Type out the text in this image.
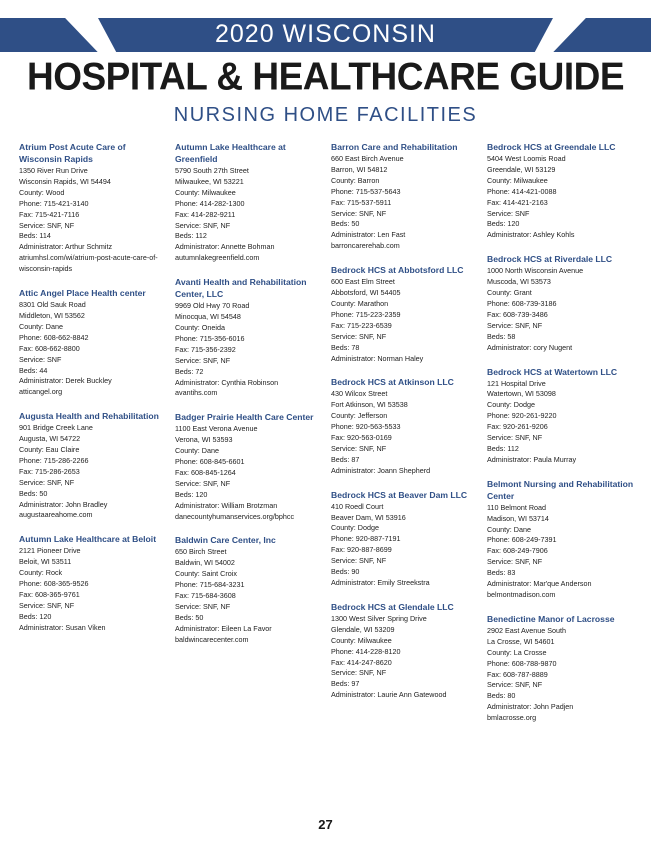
2020 WISCONSIN
HOSPITAL & HEALTHCARE GUIDE
NURSING HOME FACILITIES
Atrium Post Acute Care of Wisconsin Rapids
1350 River Run Drive
Wisconsin Rapids, WI 54494
County: Wood
Phone: 715-421-3140
Fax: 715-421-7116
Service: SNF, NF
Beds: 114
Administrator: Arthur Schmitz
atriumhsl.com/wi/atrium-post-acute-care-of-wisconsin-rapids
Attic Angel Place Health center
8301 Old Sauk Road
Middleton, WI 53562
County: Dane
Phone: 608-662-8842
Fax: 608-662-8800
Service: SNF
Beds: 44
Administrator: Derek Buckley
atticangel.org
Augusta Health and Rehabilitation
901 Bridge Creek Lane
Augusta, WI 54722
County: Eau Claire
Phone: 715-286-2266
Fax: 715-286-2653
Service: SNF, NF
Beds: 50
Administrator: John Bradley
augustaareahome.com
Autumn Lake Healthcare at Beloit
2121 Pioneer Drive
Beloit, WI 53511
County: Rock
Phone: 608-365-9526
Fax: 608-365-9761
Service: SNF, NF
Beds: 120
Administrator: Susan Viken
Autumn Lake Healthcare at Greenfield
5790 South 27th Street
Milwaukee, WI 53221
County: Milwaukee
Phone: 414-282-1300
Fax: 414-282-9211
Service: SNF, NF
Beds: 112
Administrator: Annette Bohman
autumnlakegreenfield.com
Avanti Health and Rehabilitation Center, LLC
9969 Old Hwy 70 Road
Minocqua, WI 54548
County: Oneida
Phone: 715-356-6016
Fax: 715-356-2392
Service: SNF, NF
Beds: 72
Administrator: Cynthia Robinson
avantihs.com
Badger Prairie Health Care Center
1100 East Verona Avenue
Verona, WI 53593
County: Dane
Phone: 608-845-6601
Fax: 608-845-1264
Service: SNF, NF
Beds: 120
Administrator: William Brotzman
danecountyhumanservices.org/bphcc
Baldwin Care Center, Inc
650 Birch Street
Baldwin, WI 54002
County: Saint Croix
Phone: 715-684-3231
Fax: 715-684-3608
Service: SNF, NF
Beds: 50
Administrator: Eileen La Favor
baldwincarecenter.com
Barron Care and Rehabilitation
660 East Birch Avenue
Barron, WI 54812
County: Barron
Phone: 715-537-5643
Fax: 715-537-5911
Service: SNF, NF
Beds: 50
Administrator: Len Fast
barroncarerehab.com
Bedrock HCS at Abbotsford LLC
600 East Elm Street
Abbotsford, WI 54405
County: Marathon
Phone: 715-223-2359
Fax: 715-223-6539
Service: SNF, NF
Beds: 78
Administrator: Norman Haley
Bedrock HCS at Atkinson LLC
430 Wilcox Street
Fort Atkinson, WI 53538
County: Jefferson
Phone: 920-563-5533
Fax: 920-563-0169
Service: SNF, NF
Beds: 87
Administrator: Joann Shepherd
Bedrock HCS at Beaver Dam LLC
410 Roedl Court
Beaver Dam, WI 53916
County: Dodge
Phone: 920-887-7191
Fax: 920-887-8699
Service: SNF, NF
Beds: 90
Administrator: Emily Streekstra
Bedrock HCS at Glendale LLC
1300 West Silver Spring Drive
Glendale, WI 53209
County: Milwaukee
Phone: 414-228-8120
Fax: 414-247-8620
Service: SNF, NF
Beds: 97
Administrator: Laurie Ann Gatewood
Bedrock HCS at Greendale LLC
5404 West Loomis Road
Greendale, WI 53129
County: Milwaukee
Phone: 414-421-0088
Fax: 414-421-2163
Service: SNF
Beds: 120
Administrator: Ashley Kohls
Bedrock HCS at Riverdale LLC
1000 North Wisconsin Avenue
Muscoda, WI 53573
County: Grant
Phone: 608-739-3186
Fax: 608-739-3486
Service: SNF, NF
Beds: 58
Administrator: cory Nugent
Bedrock HCS at Watertown LLC
121 Hospital Drive
Watertown, WI 53098
County: Dodge
Phone: 920-261-9220
Fax: 920-261-9206
Service: SNF, NF
Beds: 112
Administrator: Paula Murray
Belmont Nursing and Rehabilitation Center
110 Belmont Road
Madison, WI 53714
County: Dane
Phone: 608-249-7391
Fax: 608-249-7906
Service: SNF, NF
Beds: 83
Administrator: Mar'que Anderson
belmontmadison.com
Benedictine Manor of Lacrosse
2902 East Avenue South
La Crosse, WI 54601
County: La Crosse
Phone: 608-788-9870
Fax: 608-787-8889
Service: SNF, NF
Beds: 80
Administrator: John Padjen
bmlacrosse.org
27
